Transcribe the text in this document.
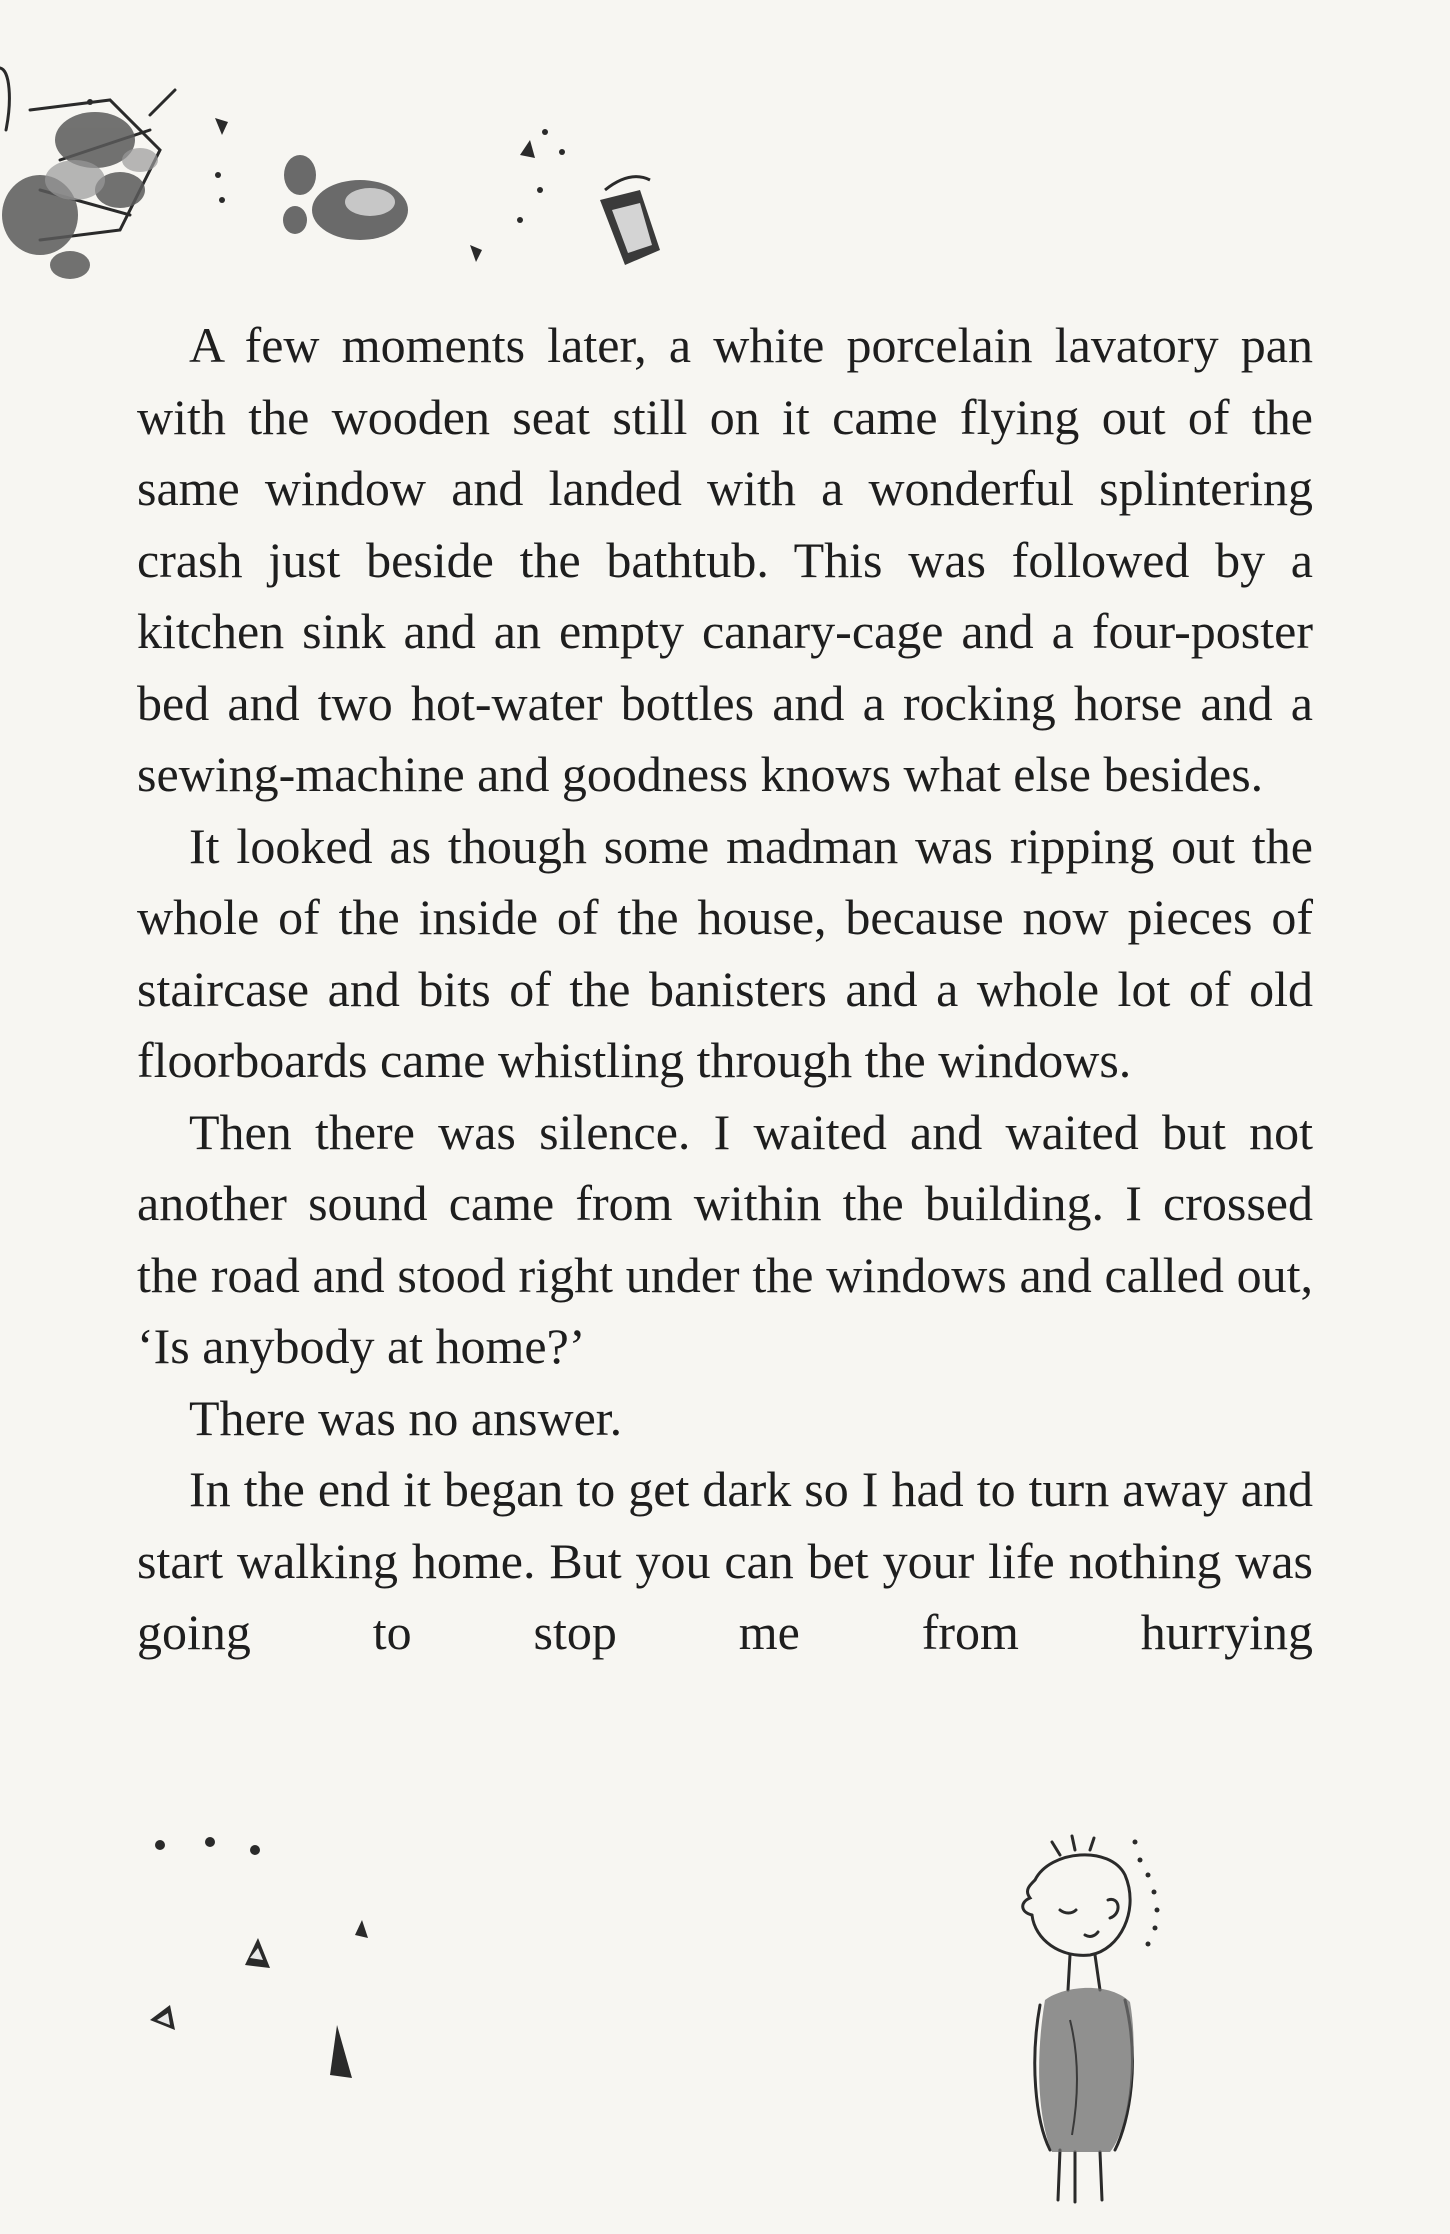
A few moments later, a white porcelain lavatory pan with the wooden seat still on it came flying out of the same window and landed with a wonderful splintering crash just beside the bathtub. This was followed by a kitchen sink and an empty canary-cage and a four-poster bed and two hot-water bottles and a rocking horse and a sewing-machine and goodness knows what else besides.

It looked as though some madman was ripping out the whole of the inside of the house, because now pieces of staircase and bits of the banisters and a whole lot of old floorboards came whistling through the windows.

Then there was silence. I waited and waited but not another sound came from within the building. I crossed the road and stood right under the windows and called out, ‘Is anybody at home?’

There was no answer.

In the end it began to get dark so I had to turn away and start walking home. But you can bet your life nothing was going to stop me from hurrying
